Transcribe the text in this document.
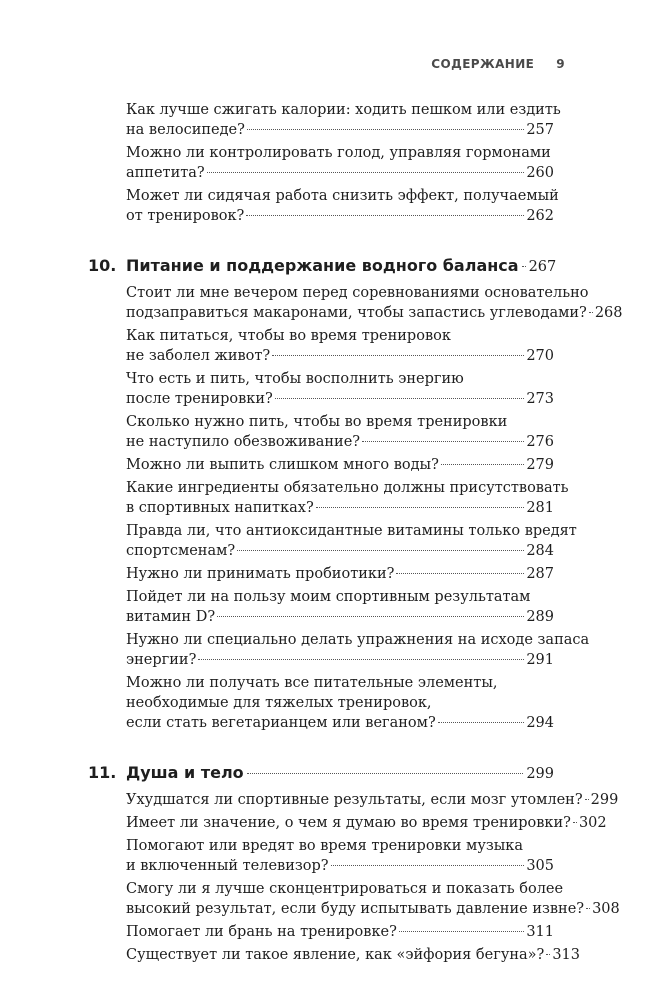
СОДЕРЖАНИЕ 9
Как лучше сжигать калории: ходить пешком или ездить
на велосипеде?	257
Можно ли контролировать голод, управляя гормонами
аппетита?	260
Может ли сидячая работа снизить эффект, получаемый
от тренировок?	262
10. Питание и поддержание водного баланса 267
Стоит ли мне вечером перед соревнованиями основательно
подзаправиться макаронами, чтобы запастись углеводами? 268
Как питаться, чтобы во время тренировок
не заболел живот?	270
Что есть и пить, чтобы восполнить энергию
после тренировки?	273
Сколько нужно пить, чтобы во время тренировки
не наступило обезвоживание?	276
Можно ли выпить слишком много воды?	279
Какие ингредиенты обязательно должны присутствовать
в спортивных напитках?	281
Правда ли, что антиоксидантные витамины только вредят
спортсменам?	284
Нужно ли принимать пробиотики?	287
Пойдет ли на пользу моим спортивным результатам
витамин D?	289
Нужно ли специально делать упражнения на исходе запаса
энергии?	291
Можно ли получать все питательные элементы,
необходимые для тяжелых тренировок,
если стать вегетарианцем или веганом?	294
11. Душа и тело	299
Ухудшатся ли спортивные результаты, если мозг утомлен? 299
Имеет ли значение, о чем я думаю во время тренировки? 302
Помогают или вредят во время тренировки музыка
и включенный телевизор?	305
Смогу ли я лучше сконцентрироваться и показать более
высокий результат, если буду испытывать давление извне? 308
Помогает ли брань на тренировке?	311
Существует ли такое явление, как «эйфория бегуна»? 313
